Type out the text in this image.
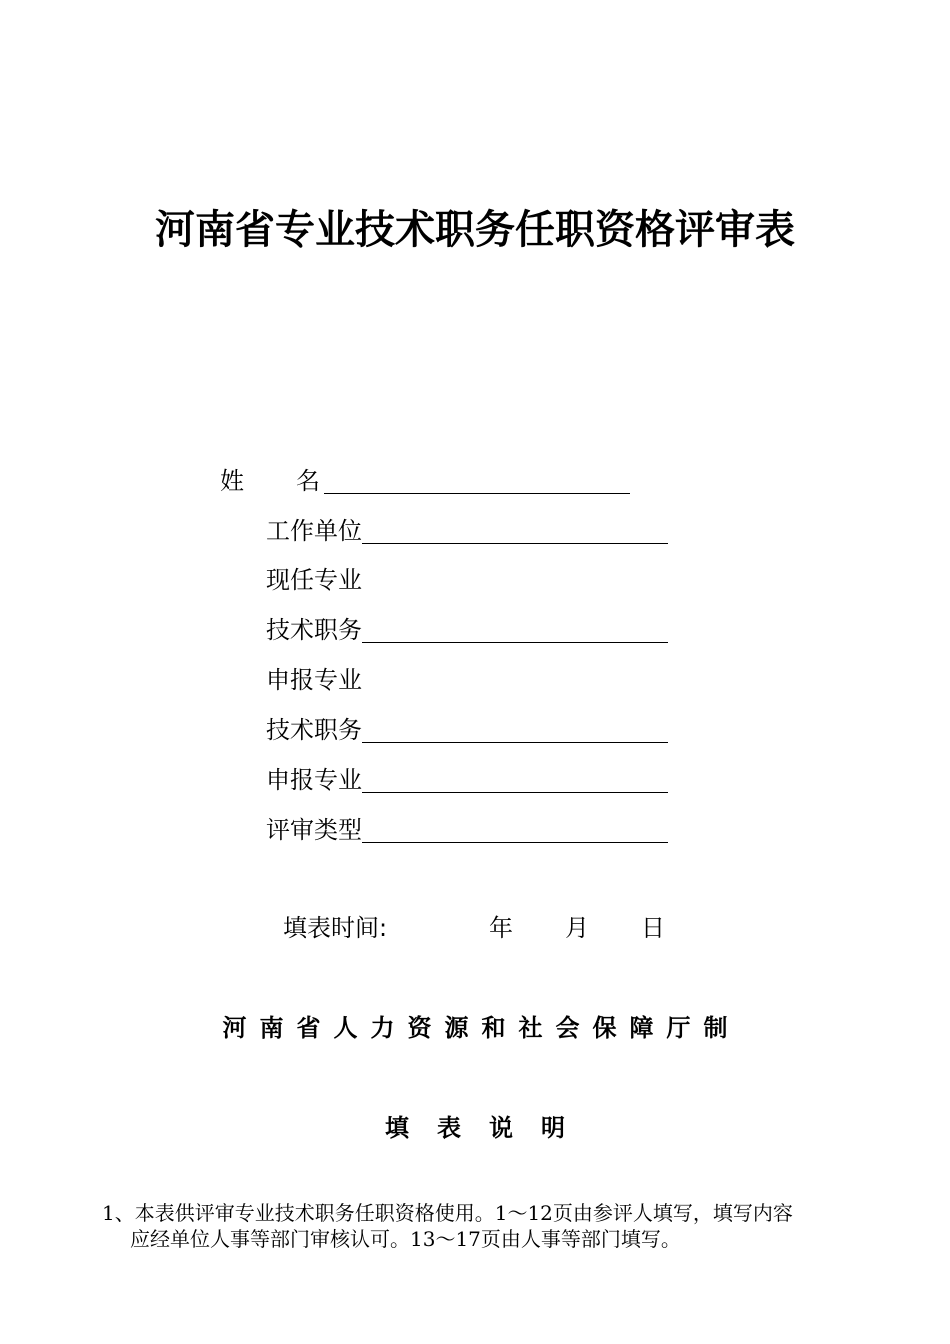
河南省专业技术职务任职资格评审表
姓 名
工作单位
现任专业
技术职务
申报专业
技术职务
申报专业
评审类型
填表时间:	年 月 日
河南省人力资源和社会保障厅制
填表说明
1、本表供评审专业技术职务任职资格使用。1～12页由参评人填写，填写内容
应经单位人事等部门审核认可。13～17页由人事等部门填写。
